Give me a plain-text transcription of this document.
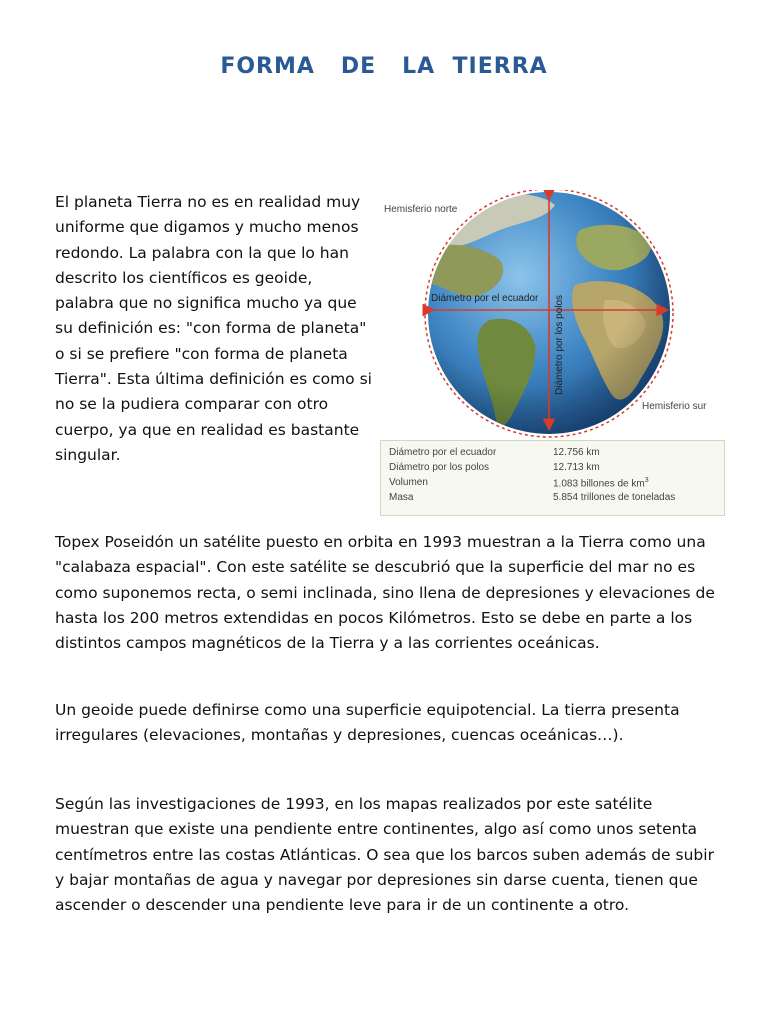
FORMA   DE   LA  TIERRA
El planeta Tierra no es en realidad muy uniforme que digamos y mucho menos redondo. La palabra con la que lo han descrito los científicos es geoide, palabra que no significa mucho ya que su definición es: "con forma de planeta" o si se prefiere "con forma de planeta Tierra". Esta última definición es como si no se la pudiera comparar con otro cuerpo, ya que en realidad es bastante singular.
Hemisferio norte
Hemisferio sur
Diámetro por el ecuador Diámetro por los polos
Diámetro por el ecuador	12.756 km
Diámetro por los polos	12.713 km
Volumen	1.083 billones de $km^3$
Masa	5.854 trillones de toneladas
Topex Poseidón un satélite puesto en orbita en 1993 muestran a la Tierra como una "calabaza espacial". Con este satélite se descubrió que la superficie del mar no es como suponemos recta, o semi inclinada, sino llena de depresiones y elevaciones de hasta los 200 metros extendidas en pocos Kilómetros. Esto se debe en parte a los distintos campos magnéticos de la Tierra y a las corrientes oceánicas.
Un geoide puede definirse como una superficie equipotencial. La tierra presenta irregulares (elevaciones, montañas y depresiones, cuencas oceánicas…).
Según las investigaciones de 1993, en los mapas realizados por este satélite muestran que existe una pendiente entre continentes, algo así como unos setenta centímetros entre las costas Atlánticas. O sea que los barcos suben además de subir y bajar montañas de agua y navegar por depresiones sin darse cuenta, tienen que ascender o descender una pendiente leve para ir de un continente a otro.
